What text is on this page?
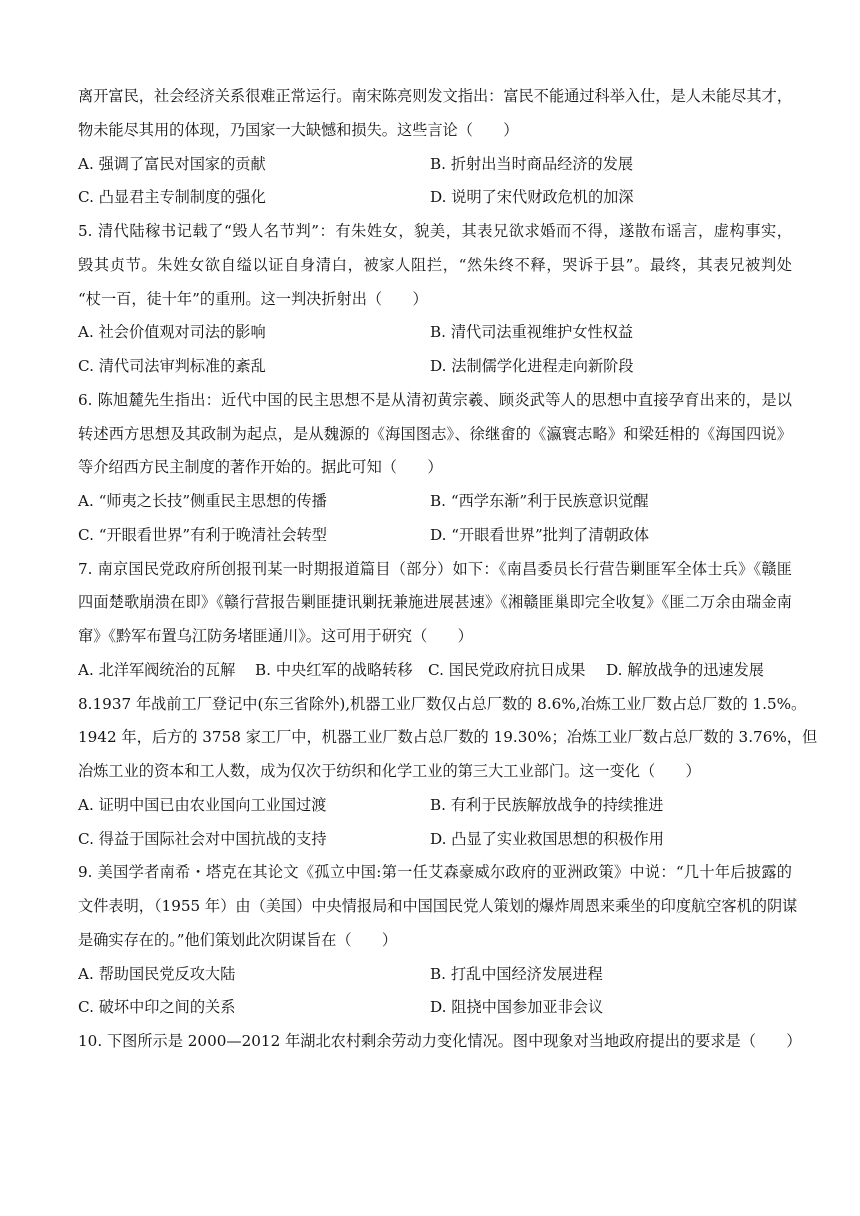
离开富民，社会经济关系很难正常运行。南宋陈亮则发文指出：富民不能通过科举入仕，是人未能尽其才，
物未能尽其用的体现，乃国家一大缺憾和损失。这些言论（　　）
A. 强调了富民对国家的贡献	B. 折射出当时商品经济的发展
C. 凸显君主专制制度的强化	D. 说明了宋代财政危机的加深
5. 清代陆稼书记载了“毁人名节判”：有朱姓女，貌美，其表兄欲求婚而不得，遂散布谣言，虚构事实，
毁其贞节。朱姓女欲自缢以证自身清白，被家人阻拦，“然朱终不释，哭诉于县”。最终，其表兄被判处
“杖一百，徒十年”的重刑。这一判决折射出（　　）
A. 社会价值观对司法的影响	B. 清代司法重视维护女性权益
C. 清代司法审判标准的紊乱	D. 法制儒学化进程走向新阶段
6. 陈旭麓先生指出：近代中国的民主思想不是从清初黄宗羲、顾炎武等人的思想中直接孕育出来的，是以
转述西方思想及其政制为起点，是从魏源的《海国图志》、徐继畲的《瀛寰志略》和梁廷枏的《海国四说》
等介绍西方民主制度的著作开始的。据此可知（　　）
A. “师夷之长技”侧重民主思想的传播	B. “西学东渐”利于民族意识觉醒
C. “开眼看世界”有利于晚清社会转型	D. “开眼看世界”批判了清朝政体
7. 南京国民党政府所创报刊某一时期报道篇目（部分）如下：《南昌委员长行营告剿匪军全体士兵》《赣匪
四面楚歌崩溃在即》《赣行营报告剿匪捷讯剿抚兼施进展甚速》《湘赣匪巢即完全收复》《匪二万余由瑞金南
窜》《黔军布置乌江防务堵匪通川》。这可用于研究（　　）
A. 北洋军阀统治的瓦解 B. 中央红军的战略转移 C. 国民党政府抗日成果 D. 解放战争的迅速发展
8.1937 年战前工厂登记中(东三省除外),机器工业厂数仅占总厂数的 8.6%,冶炼工业厂数占总厂数的 1.5%。
1942 年，后方的 3758 家工厂中，机器工业厂数占总厂数的 19.30%；冶炼工业厂数占总厂数的 3.76%，但
冶炼工业的资本和工人数，成为仅次于纺织和化学工业的第三大工业部门。这一变化（　　）
A. 证明中国已由农业国向工业国过渡	B. 有利于民族解放战争的持续推进
C. 得益于国际社会对中国抗战的支持	D. 凸显了实业救国思想的积极作用
9. 美国学者南希・塔克在其论文《孤立中国:第一任艾森豪威尔政府的亚洲政策》中说：“几十年后披露的
文件表明，（1955 年）由（美国）中央情报局和中国国民党人策划的爆炸周恩来乘坐的印度航空客机的阴谋
是确实存在的。”他们策划此次阴谋旨在（　　）
A. 帮助国民党反攻大陆	B. 打乱中国经济发展进程
C. 破坏中印之间的关系	D. 阻挠中国参加亚非会议
10. 下图所示是 2000—2012 年湖北农村剩余劳动力变化情况。图中现象对当地政府提出的要求是（　　）
